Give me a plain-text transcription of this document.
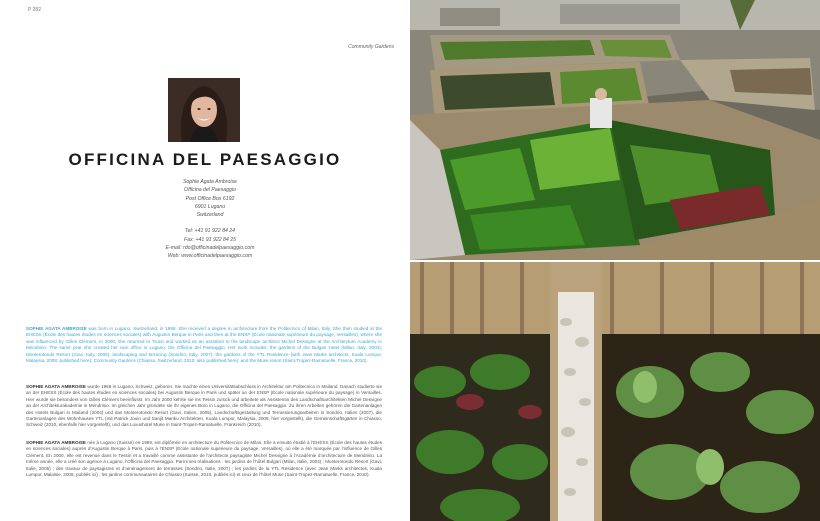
P 282
Community Gardens
OFFICINA DEL PAESAGGIO
Sophie Agata Ambroise
Officina del Paesaggio
Post Office Box 6192
6901 Lugano
Switzerland
Tel: +41 91 922 84 24
Fax: +41 91 922 84 25
E-mail: rdo@officinadelpaesaggio.com
Web: www.officinadelpaesaggio.com
SOPHIE AGATA AMBROISE was born in Lugano, Switzerland, in 1969. She received a degree in architecture from the Politecnico of Milan, Italy. She then studied at the EHESS (École des hautes études en sciences sociales) with Augustin Berque in Paris and then at the ENSP (École nationale supérieure du paysage, Versailles), where she was influenced by Gilles Clément. In 2000, she returned to Ticino and worked as an assistant to the landscape architect Michel Desvigne at the Architecture Academy in Mendrisio. The same year she created her own office in Lugano, the Officina del Paesaggio. Her work includes: the gardens of the Bulgari Hotel (Milan, Italy, 2004); Monterotondo Resort (Gavi, Italy, 2005); landscaping and terracing (Sondrio, Italy, 2007); the gardens of the YTL Residence (with Jean Marks architects, Kuala Lumpur, Malaysia, 2008; published here); Community Gardens (Chiasso, Switzerland, 2010; also published here); and the Muse resort (Saint-Tropez-Ramatuelle, France, 2010).
SOPHIE AGATA AMBROISE wurde 1969 in Lugano, Schweiz, geboren. Sie machte einen Universitätsabschluss in Architektur am Politecnico in Mailand. Danach studierte sie an der EHESS (École des hautes études en sciences sociales) bei Augustin Berque in Paris und später an der ENSP (École nationale supérieure du paysage) in Versailles. Hier wurde sie besonders von Gilles Clément beeinflusst. Im Jahr 2000 kehrte sie ins Tessin zurück und arbeitete als Assistentin des Landschaftsarchitekten Michel Desvigne an der Architekturakademie in Mendrisio. Im gleichen Jahr gründete sie ihr eigenes Büro in Lugano, die Officina del Paesaggio. Zu ihren Arbeiten gehören die Gartenanlagen des Hotels Bulgari in Mailand (2004) und das Monterotondo Resort (Gavi, Italien, 2005), Landschaftsgestaltung und Terrassierungsarbeiten in Sondrio, Italien (2007), die Gartenanlagen des Wohnhauses YTL (mit Patrick Jouin und Sanjit Manku Architekten, Kuala Lumpur, Malaysia, 2008, hier vorgestellt), die Gemeinschaftsgärten in Chiasso, Schweiz (2010, ebenfalls hier vorgestellt), und das Luxushotel Muse in Saint-Tropez-Ramatuelle, Frankreich (2010).
SOPHIE AGATA AMBROISE née à Lugano (Suisse) en 1969, est diplômée en architecture du Politecnico de Milan. Elle a ensuite étudié à l’EHESS (École des hautes études en sciences sociales) auprès d’Augustin Berque à Paris, puis à l’ENSP (École nationale supérieure du paysage, Versailles), où elle a été marquée par l’influence de Gilles Clément. En 2000, elle est revenue dans le Tessin et a travaillé comme assistante de l’architecte paysagiste Michel Desvigne à l’Académie d’architecture de Mendrisio. La même année, elle a créé son agence à Lugano, l’Officina del Paesaggio. Parmi ses réalisations : les jardins de l’hôtel Bulgari (Milan, Italie, 2004) ; Monterotondo Resort (Gavi, Italie, 2005) ; des travaux de paysagisme et d’aménagement de terrasses (Sondrio, Italie, 2007) ; les jardins de la YTL Residence (avec Jean Marks architectes, Kuala Lumpur, Malaisie, 2008, publiés ici) ; les jardins communautaires de Chiasso (Suisse, 2010, publiés ici) et ceux de l’hôtel Muse (Saint-Tropez-Ramatuelle, France, 2010).
